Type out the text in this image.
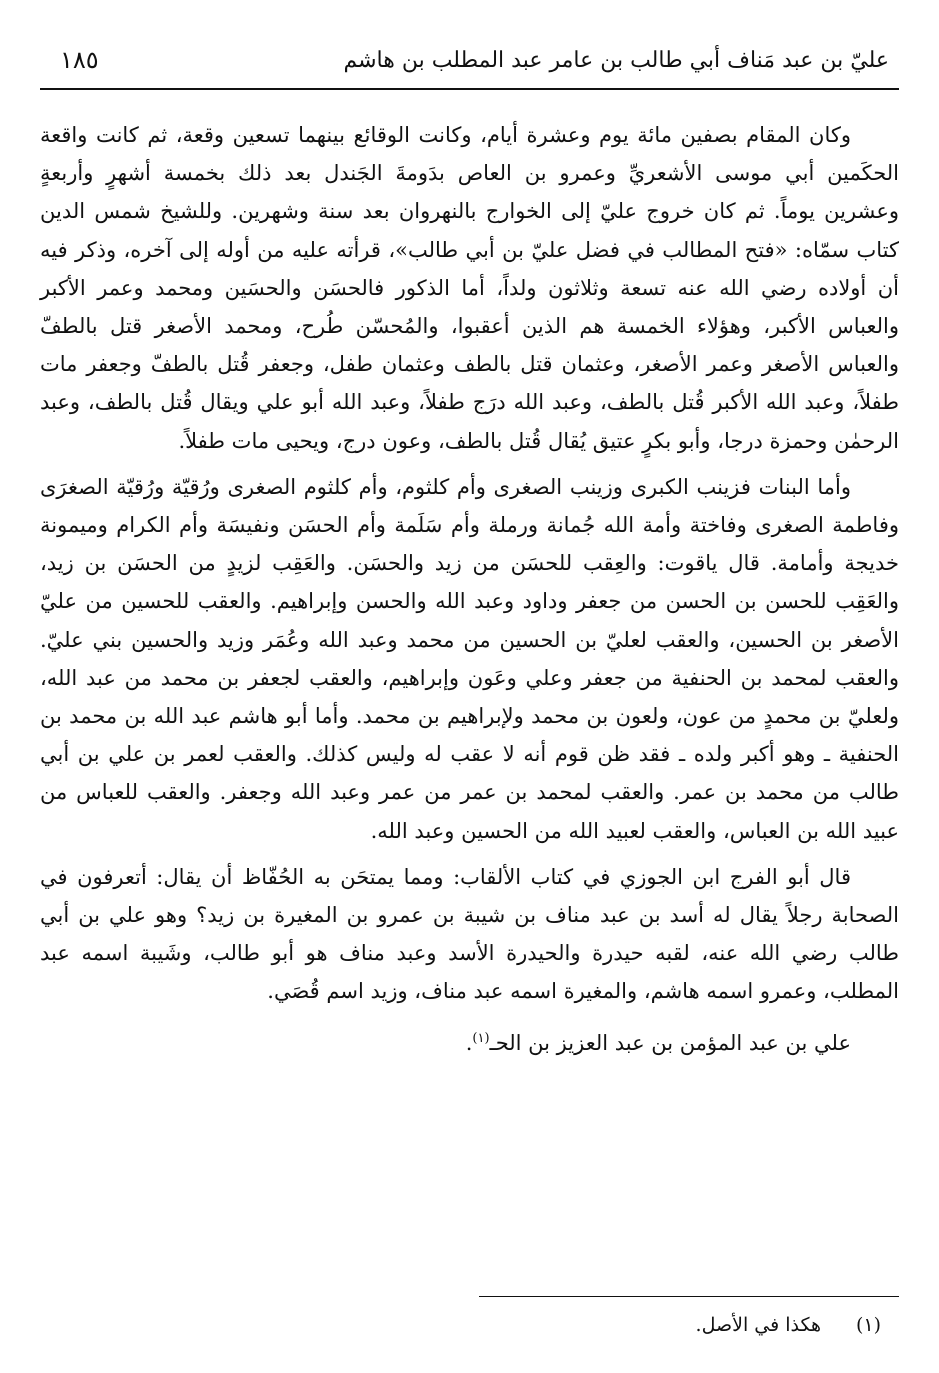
عليّ بن عبد مَناف أبي طالب بن عامر عبد المطلب بن هاشم
١٨٥

وكان المقام بصفين مائة يوم وعشرة أيام، وكانت الوقائع بينهما تسعين وقعة، ثم كانت واقعة الحكَمين أبي موسى الأشعريِّ وعمرو بن العاص بدَومةَ الجَندل بعد ذلك بخمسة أشهرٍ وأربعةٍ وعشرين يوماً. ثم كان خروج عليّ إلى الخوارج بالنهروان بعد سنة وشهرين. وللشيخ شمس الدين كتاب سمّاه: «فتح المطالب في فضل عليّ بن أبي طالب»، قرأته عليه من أوله إلى آخره، وذكر فيه أن أولاده رضي الله عنه تسعة وثلاثون ولداً، أما الذكور فالحسَن والحسَين ومحمد وعمر الأكبر والعباس الأكبر، وهؤلاء الخمسة هم الذين أعقبوا، والمُحسّن طُرح، ومحمد الأصغر قتل بالطفّ والعباس الأصغر وعمر الأصغر، وعثمان قتل بالطف وعثمان طفل، وجعفر قُتل بالطفّ وجعفر مات طفلاً، وعبد الله الأكبر قُتل بالطف، وعبد الله درَج طفلاً، وعبد الله أبو علي ويقال قُتل بالطف، وعبد الرحمٰن وحمزة درجا، وأبو بكرٍ عتيق يُقال قُتل بالطف، وعون درج، ويحيى مات طفلاً.

وأما البنات فزينب الكبرى وزينب الصغرى وأم كلثوم، وأم كلثوم الصغرى ورُقيّة ورُقيّة الصغرَى وفاطمة الصغرى وفاختة وأمة الله جُمانة ورملة وأم سَلَمة وأم الحسَن ونفيسَة وأم الكرام وميمونة خديجة وأمامة. قال ياقوت: والعِقب للحسَن من زيد والحسَن. والعَقِب لزيدٍ من الحسَن بن زيد، والعَقِب للحسن بن الحسن من جعفر وداود وعبد الله والحسن وإبراهيم. والعقب للحسين من عليّ الأصغر بن الحسين، والعقب لعليّ بن الحسين من محمد وعبد الله وعُمَر وزيد والحسين بني عليّ. والعقب لمحمد بن الحنفية من جعفر وعلي وعَون وإبراهيم، والعقب لجعفر بن محمد من عبد الله، ولعليّ بن محمدٍ من عون، ولعون بن محمد ولإبراهيم بن محمد. وأما أبو هاشم عبد الله بن محمد بن الحنفية ـ وهو أكبر ولده ـ فقد ظن قوم أنه لا عقب له وليس كذلك. والعقب لعمر بن علي بن أبي طالب من محمد بن عمر. والعقب لمحمد بن عمر من عمر وعبد الله وجعفر. والعقب للعباس من عبيد الله بن العباس، والعقب لعبيد الله من الحسين وعبد الله.

قال أبو الفرج ابن الجوزي في كتاب الألقاب: ومما يمتحَن به الحُفّاظ أن يقال: أتعرفون في الصحابة رجلاً يقال له أسد بن عبد مناف بن شيبة بن عمرو بن المغيرة بن زيد؟ وهو علي بن أبي طالب رضي الله عنه، لقبه حيدرة والحيدرة الأسد وعبد مناف هو أبو طالب، وشَيبة اسمه عبد المطلب، وعمرو اسمه هاشم، والمغيرة اسمه عبد مناف، وزيد اسم قُصَي.

علي بن عبد المؤمن بن عبد العزيز بن الحـ$^{(١)}$.
(١)هكذا في الأصل.
